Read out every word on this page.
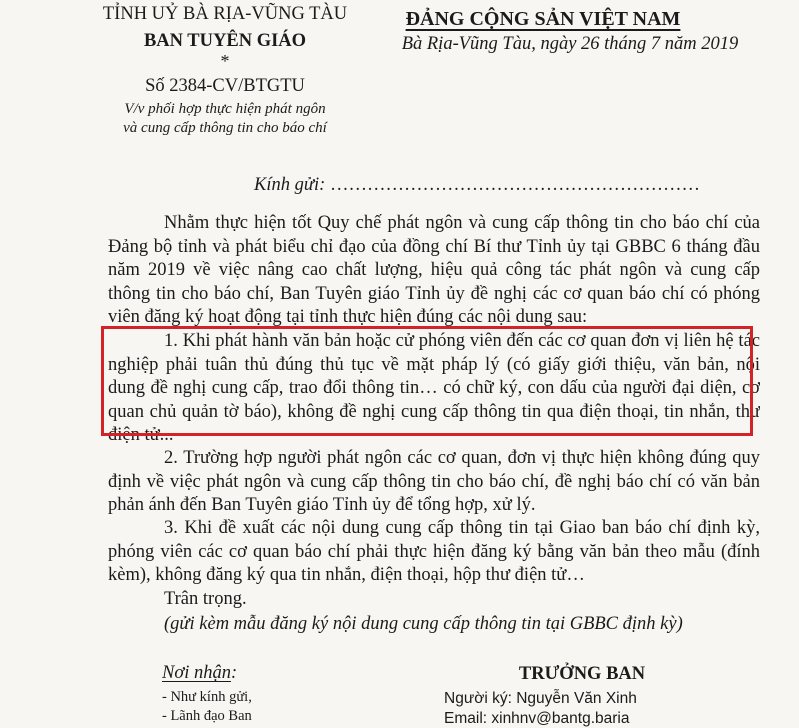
TỈNH UỶ BÀ RỊA-VŨNG TÀU
BAN TUYÊN GIÁO
*
Số 2384-CV/BTGTU
V/v phối hợp thực hiện phát ngôn
và cung cấp thông tin cho báo chí
ĐẢNG CỘNG SẢN VIỆT NAM
Bà Rịa-Vũng Tàu, ngày 26 tháng 7 năm 2019
Kính gửi: ……………………………………………………
Nhằm thực hiện tốt Quy chế phát ngôn và cung cấp thông tin cho báo chí của
Đảng bộ tỉnh và phát biểu chỉ đạo của đồng chí Bí thư Tỉnh ủy tại GBBC 6 tháng đầu
năm 2019 về việc nâng cao chất lượng, hiệu quả công tác phát ngôn và cung cấp
thông tin cho báo chí, Ban Tuyên giáo Tỉnh ủy đề nghị các cơ quan báo chí có phóng
viên đăng ký hoạt động tại tỉnh thực hiện đúng các nội dung sau:
1. Khi phát hành văn bản hoặc cử phóng viên đến các cơ quan đơn vị liên hệ tác
nghiệp phải tuân thủ đúng thủ tục về mặt pháp lý (có giấy giới thiệu, văn bản, nội
dung đề nghị cung cấp, trao đổi thông tin… có chữ ký, con dấu của người đại diện, cơ
quan chủ quản tờ báo), không đề nghị cung cấp thông tin qua điện thoại, tin nhắn, thư
điện tử...
2. Trường hợp người phát ngôn các cơ quan, đơn vị thực hiện không đúng quy
định về việc phát ngôn và cung cấp thông tin cho báo chí, đề nghị báo chí có văn bản
phản ánh đến Ban Tuyên giáo Tỉnh ủy để tổng hợp, xử lý.
3. Khi đề xuất các nội dung cung cấp thông tin tại Giao ban báo chí định kỳ,
phóng viên các cơ quan báo chí phải thực hiện đăng ký bằng văn bản theo mẫu (đính
kèm), không đăng ký qua tin nhắn, điện thoại, hộp thư điện tử…
Trân trọng.
(gửi kèm mẫu đăng ký nội dung cung cấp thông tin tại GBBC định kỳ)
Nơi nhận:
- Như kính gửi,
- Lãnh đạo Ban
TRƯỞNG BAN
Người ký: Nguyễn Văn Xinh
Email: xinhnv@bantg.baria
